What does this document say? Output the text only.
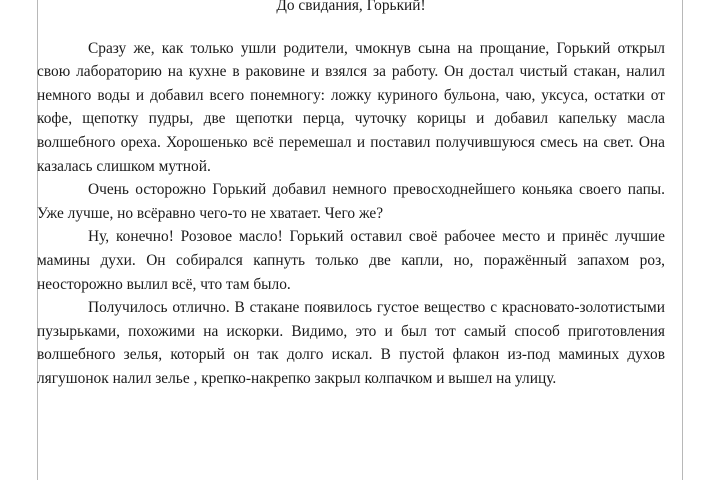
До свидания, Горький!

Сразу же, как только ушли родители, чмокнув сына на прощание, Горький открыл свою лабораторию на кухне в раковине и взялся за работу. Он достал чистый стакан, налил немного воды и добавил всего понемногу: ложку куриного бульона, чаю, уксуса, остатки от кофе, щепотку пудры, две щепотки перца, чуточку корицы и добавил капельку масла волшебного ореха. Хорошенько всё перемешал и поставил получившуюся смесь на свет. Она казалась слишком мутной.

Очень осторожно Горький добавил немного превосходнейшего коньяка своего папы. Уже лучше, но всёравно чего-то не хватает. Чего же?

Ну, конечно! Розовое масло! Горький оставил своё рабочее место и принёс лучшие мамины духи. Он собирался капнуть только две капли, но, поражённый запахом роз, неосторожно вылил всё, что там было.

Получилось отлично. В стакане появилось густое вещество с красновато-золотистыми пузырьками, похожими на искорки. Видимо, это и был тот самый способ приготовления волшебного зелья, который он так долго искал. В пустой флакон из-под маминых духов лягушонок налил зелье , крепко-накрепко закрыл колпачком и вышел на улицу.
